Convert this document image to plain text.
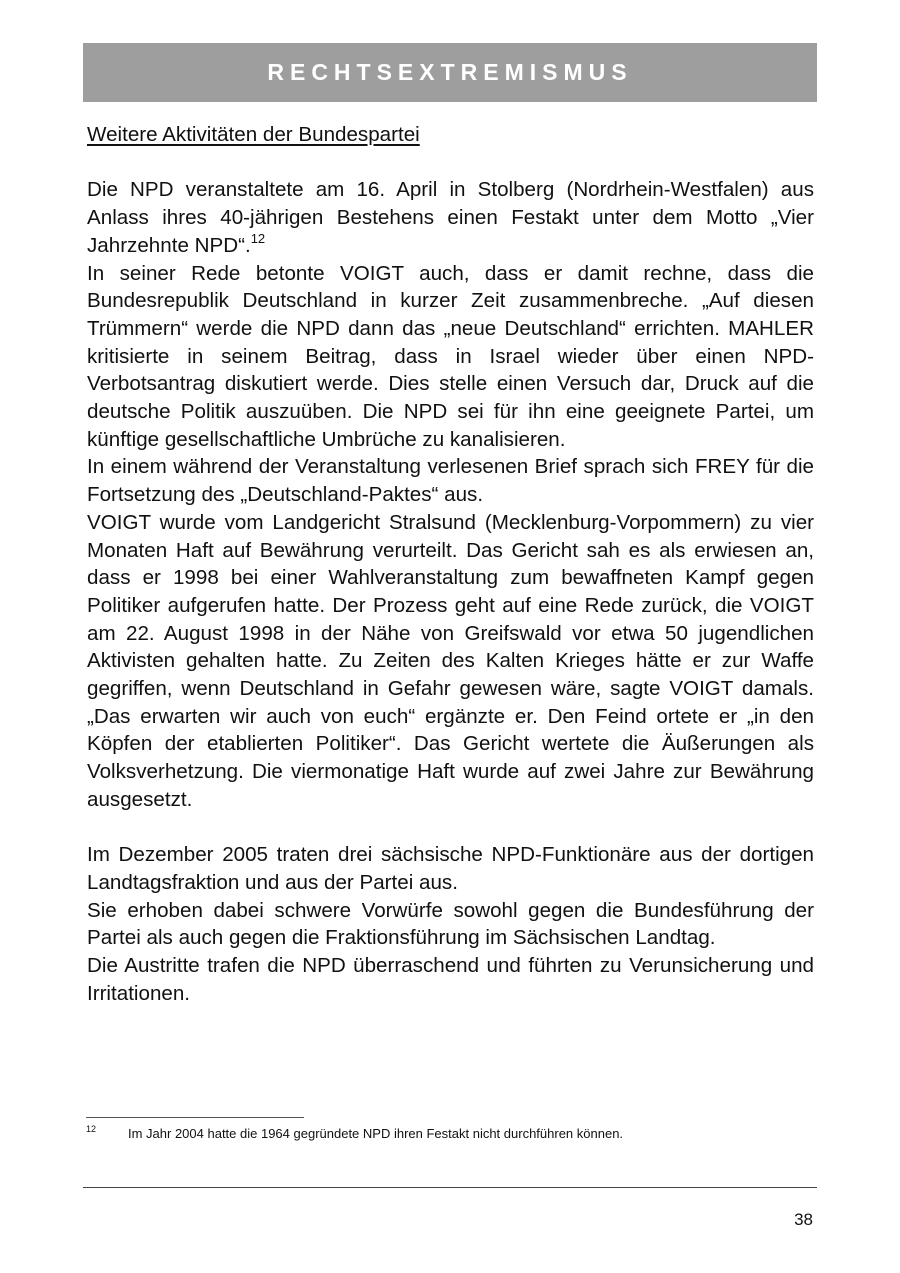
RECHTSEXTREMISMUS
Weitere Aktivitäten der Bundespartei

Die NPD veranstaltete am 16. April in Stolberg (Nordrhein-Westfalen) aus Anlass ihres 40-jährigen Bestehens einen Festakt unter dem Motto „Vier Jahrzehnte NPD“.$^{12}$

In seiner Rede betonte VOIGT auch, dass er damit rechne, dass die Bundesrepublik Deutschland in kurzer Zeit zusammenbreche. „Auf diesen Trümmern“ werde die NPD dann das „neue Deutschland“ errichten. MAHLER kritisierte in seinem Beitrag, dass in Israel wieder über einen NPD-Verbotsantrag diskutiert werde. Dies stelle einen Versuch dar, Druck auf die deutsche Politik auszuüben. Die NPD sei für ihn eine geeignete Partei, um künftige gesellschaftliche Umbrüche zu kanalisieren.

In einem während der Veranstaltung verlesenen Brief sprach sich FREY für die Fortsetzung des „Deutschland-Paktes“ aus.

VOIGT wurde vom Landgericht Stralsund (Mecklenburg-Vorpommern) zu vier Monaten Haft auf Bewährung verurteilt. Das Gericht sah es als erwiesen an, dass er 1998 bei einer Wahlveranstaltung zum bewaffneten Kampf gegen Politiker aufgerufen hatte. Der Prozess geht auf eine Rede zurück, die VOIGT am 22. August 1998 in der Nähe von Greifswald vor etwa 50 jugendlichen Aktivisten gehalten hatte. Zu Zeiten des Kalten Krieges hätte er zur Waffe gegriffen, wenn Deutschland in Gefahr gewesen wäre, sagte VOIGT damals. „Das erwarten wir auch von euch“ ergänzte er. Den Feind ortete er „in den Köpfen der etablierten Politiker“. Das Gericht wertete die Äußerungen als Volksverhetzung. Die viermonatige Haft wurde auf zwei Jahre zur Bewährung ausgesetzt.

Im Dezember 2005 traten drei sächsische NPD-Funktionäre aus der dortigen Landtagsfraktion und aus der Partei aus.

Sie erhoben dabei schwere Vorwürfe sowohl gegen die Bundesführung der Partei als auch gegen die Fraktionsführung im Sächsischen Landtag.

Die Austritte trafen die NPD überraschend und führten zu Verunsicherung und Irritationen.

12 Im Jahr 2004 hatte die 1964 gegründete NPD ihren Festakt nicht durchführen können.
38
